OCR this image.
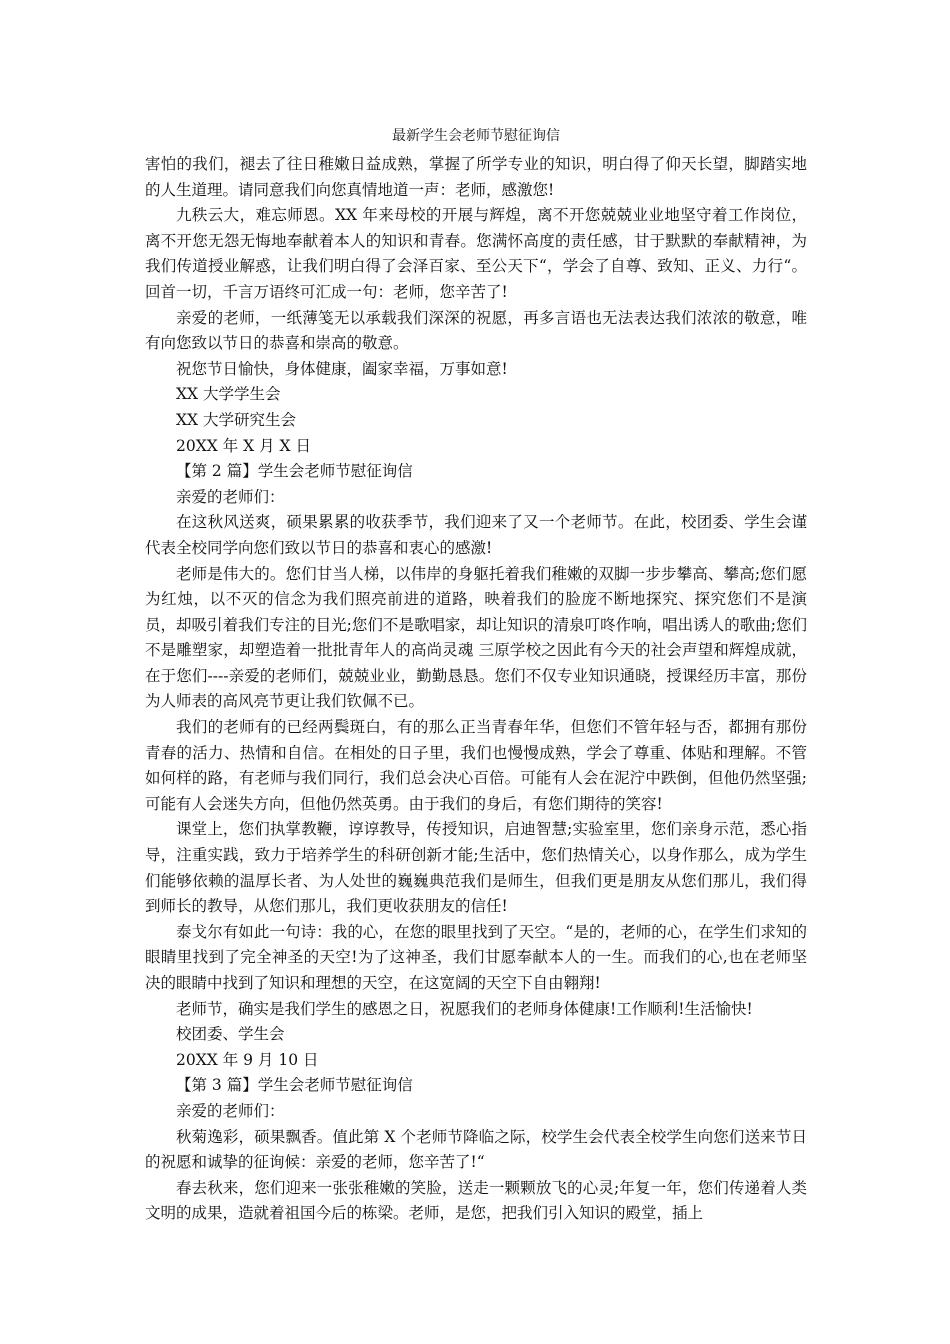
最新学生会老师节慰征询信

害怕的我们，褪去了往日稚嫩日益成熟，掌握了所学专业的知识，明白得了仰天长望，脚踏实地的人生道理。请同意我们向您真情地道一声：老师，感激您!

九秩云大，难忘师恩。XX 年来母校的开展与辉煌，离不开您兢兢业业地坚守着工作岗位，离不开您无怨无悔地奉献着本人的知识和青春。您满怀高度的责任感，甘于默默的奉献精神，为我们传道授业解惑，让我们明白得了会泽百家、至公天下“，学会了自尊、致知、正义、力行“。回首一切，千言万语终可汇成一句：老师，您辛苦了!

亲爱的老师，一纸薄笺无以承载我们深深的祝愿，再多言语也无法表达我们浓浓的敬意，唯有向您致以节日的恭喜和崇高的敬意。

祝您节日愉快，身体健康，阖家幸福，万事如意!

XX 大学学生会

XX 大学研究生会

20XX 年 X 月 X 日

【第 2 篇】学生会老师节慰征询信

亲爱的老师们：

在这秋风送爽，硕果累累的收获季节，我们迎来了又一个老师节。在此，校团委、学生会谨代表全校同学向您们致以节日的恭喜和衷心的感激!

老师是伟大的。您们甘当人梯，以伟岸的身躯托着我们稚嫩的双脚一步步攀高、攀高;您们愿为红烛，以不灭的信念为我们照亮前进的道路，映着我们的脸庞不断地探究、探究您们不是演员，却吸引着我们专注的目光;您们不是歌唱家，却让知识的清泉叮咚作响，唱出诱人的歌曲;您们不是雕塑家，却塑造着一批批青年人的高尚灵魂 三原学校之因此有今天的社会声望和辉煌成就，在于您们----亲爱的老师们，兢兢业业，勤勤恳恳。您们不仅专业知识通晓，授课经历丰富，那份为人师表的高风亮节更让我们钦佩不已。

我们的老师有的已经两鬓斑白，有的那么正当青春年华，但您们不管年轻与否，都拥有那份青春的活力、热情和自信。在相处的日子里，我们也慢慢成熟，学会了尊重、体贴和理解。不管如何样的路，有老师与我们同行，我们总会决心百倍。可能有人会在泥泞中跌倒，但他仍然坚强;可能有人会迷失方向，但他仍然英勇。由于我们的身后，有您们期待的笑容!

课堂上，您们执掌教鞭，谆谆教导，传授知识，启迪智慧;实验室里，您们亲身示范，悉心指导，注重实践，致力于培养学生的科研创新才能;生活中，您们热情关心，以身作那么，成为学生们能够依赖的温厚长者、为人处世的巍巍典范我们是师生，但我们更是朋友从您们那儿，我们得到师长的教导，从您们那儿，我们更收获朋友的信任!

泰戈尔有如此一句诗：我的心，在您的眼里找到了天空。“是的，老师的心，在学生们求知的眼睛里找到了完全神圣的天空!为了这神圣，我们甘愿奉献本人的一生。而我们的心,也在老师坚决的眼睛中找到了知识和理想的天空，在这宽阔的天空下自由翱翔!

老师节，确实是我们学生的感恩之日，祝愿我们的老师身体健康!工作顺利!生活愉快!

校团委、学生会

20XX 年 9 月 10 日

【第 3 篇】学生会老师节慰征询信

亲爱的老师们：

秋菊逸彩，硕果飘香。值此第 X 个老师节降临之际，校学生会代表全校学生向您们送来节日的祝愿和诚挚的征询候：亲爱的老师，您辛苦了!“

春去秋来，您们迎来一张张稚嫩的笑脸，送走一颗颗放飞的心灵;年复一年，您们传递着人类文明的成果，造就着祖国今后的栋梁。老师，是您，把我们引入知识的殿堂，插上
